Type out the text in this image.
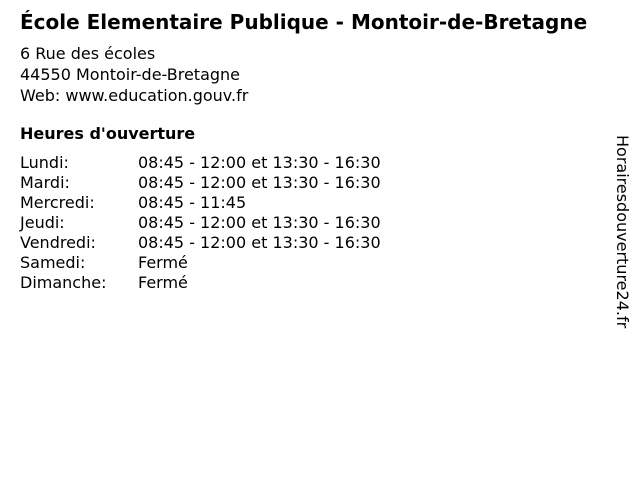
École Elementaire Publique - Montoir-de-Bretagne
6 Rue des écoles
44550 Montoir-de-Bretagne
Web: www.education.gouv.fr
Heures d'ouverture
Lundi:	08:45 - 12:00 et 13:30 - 16:30
Mardi:	08:45 - 12:00 et 13:30 - 16:30
Mercredi:	08:45 - 11:45
Jeudi:	08:45 - 12:00 et 13:30 - 16:30
Vendredi:	08:45 - 12:00 et 13:30 - 16:30
Samedi:	Fermé
Dimanche:	Fermé	Horairesdouverture24.fr
